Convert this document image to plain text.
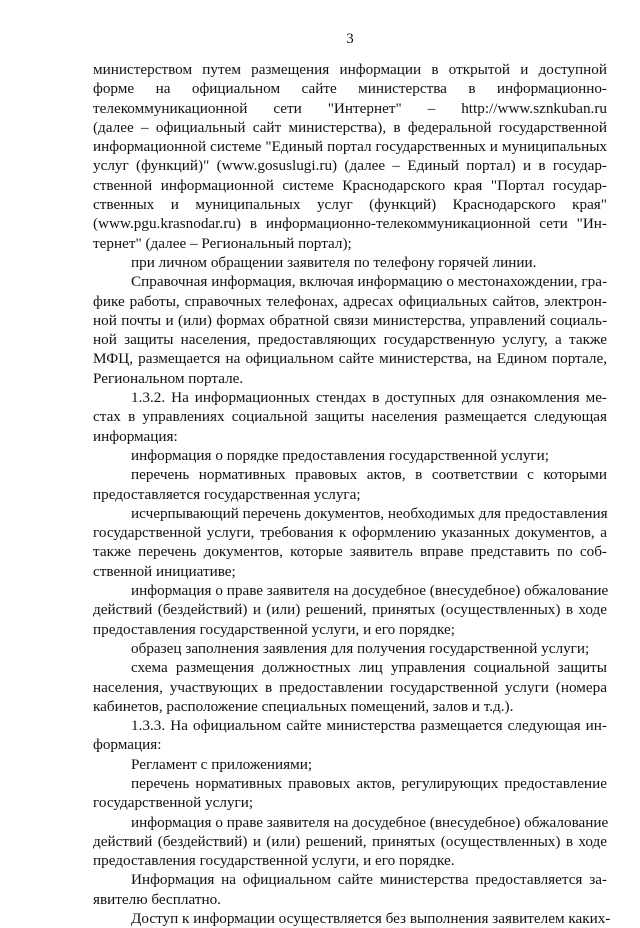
3
министерством путем размещения информации в открытой и доступной
форме на официальном сайте министерства в информационно-
телекоммуникационной сети "Интернет" – http://www.sznkuban.ru
(далее – официальный сайт министерства), в федеральной государственной
информационной системе "Единый портал государственных и муниципальных
услуг (функций)" (www.gosuslugi.ru) (далее – Единый портал) и в государ-
ственной информационной системе Краснодарского края "Портал государ-
ственных и муниципальных услуг (функций) Краснодарского края"
(www.pgu.krasnodar.ru) в информационно-телекоммуникационной сети "Ин-
тернет" (далее – Региональный портал);
при личном обращении заявителя по телефону горячей линии.
Справочная информация, включая информацию о местонахождении, гра-
фике работы, справочных телефонах, адресах официальных сайтов, электрон-
ной почты и (или) формах обратной связи министерства, управлений социаль-
ной защиты населения, предоставляющих государственную услугу, а также
МФЦ, размещается на официальном сайте министерства, на Едином портале,
Региональном портале.
1.3.2. На информационных стендах в доступных для ознакомления ме-
стах в управлениях социальной защиты населения размещается следующая
информация:
информация о порядке предоставления государственной услуги;
перечень нормативных правовых актов, в соответствии с которыми
предоставляется государственная услуга;
исчерпывающий перечень документов, необходимых для предоставления
государственной услуги, требования к оформлению указанных документов, а
также перечень документов, которые заявитель вправе представить по соб-
ственной инициативе;
информация о праве заявителя на досудебное (внесудебное) обжалование
действий (бездействий) и (или) решений, принятых (осуществленных) в ходе
предоставления государственной услуги, и его порядке;
образец заполнения заявления для получения государственной услуги;
схема размещения должностных лиц управления социальной защиты
населения, участвующих в предоставлении государственной услуги (номера
кабинетов, расположение специальных помещений, залов и т.д.).
1.3.3. На официальном сайте министерства размещается следующая ин-
формация:
Регламент с приложениями;
перечень нормативных правовых актов, регулирующих предоставление
государственной услуги;
информация о праве заявителя на досудебное (внесудебное) обжалование
действий (бездействий) и (или) решений, принятых (осуществленных) в ходе
предоставления государственной услуги, и его порядке.
Информация на официальном сайте министерства предоставляется за-
явителю бесплатно.
Доступ к информации осуществляется без выполнения заявителем каких-
